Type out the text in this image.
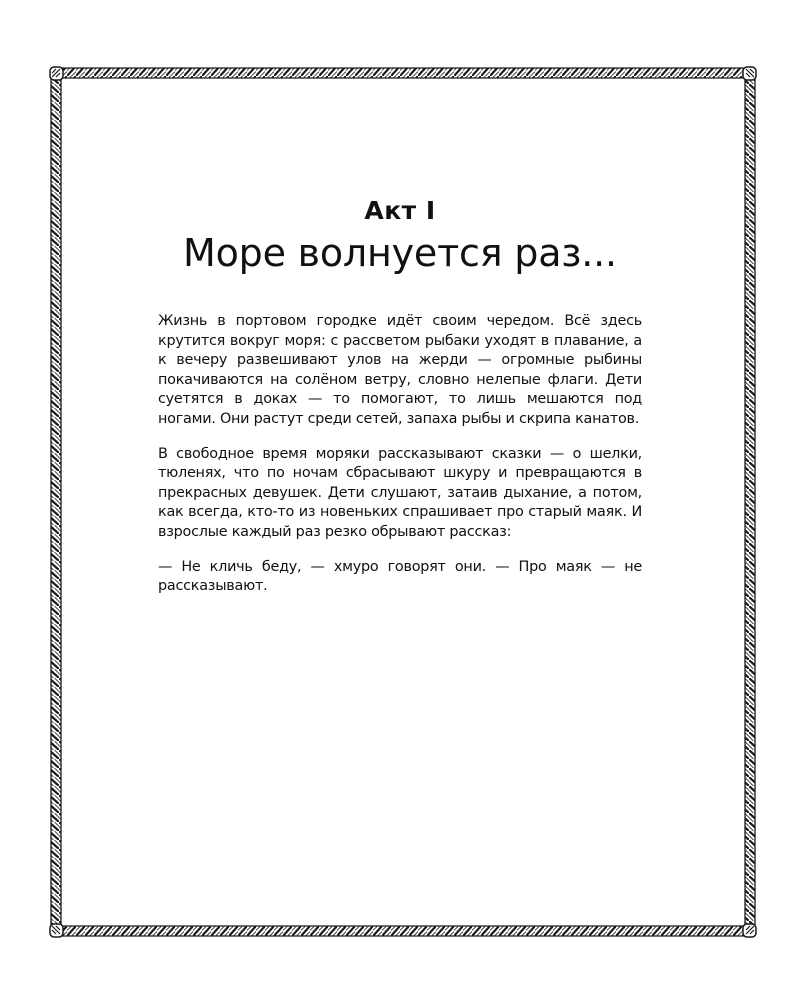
Акт I
Море волнуется раз...

Жизнь в портовом городке идёт своим чередом. Всё здесь крутится вокруг моря: с рассветом рыбаки уходят в плавание, а к вечеру развешивают улов на жерди — огромные рыбины покачиваются на солёном ветру, словно нелепые флаги. Дети суетятся в доках — то помогают, то лишь мешаются под ногами. Они растут среди сетей, запаха рыбы и скрипа канатов.

В свободное время моряки рассказывают сказки — о шелки, тюленях, что по ночам сбрасывают шкуру и превращаются в прекрасных девушек. Дети слушают, затаив дыхание, а потом, как всегда, кто-то из новеньких спрашивает про старый маяк. И взрослые каждый раз резко обрывают рассказ:

— Не кличь беду, — хмуро говорят они. — Про маяк — не рассказывают.
